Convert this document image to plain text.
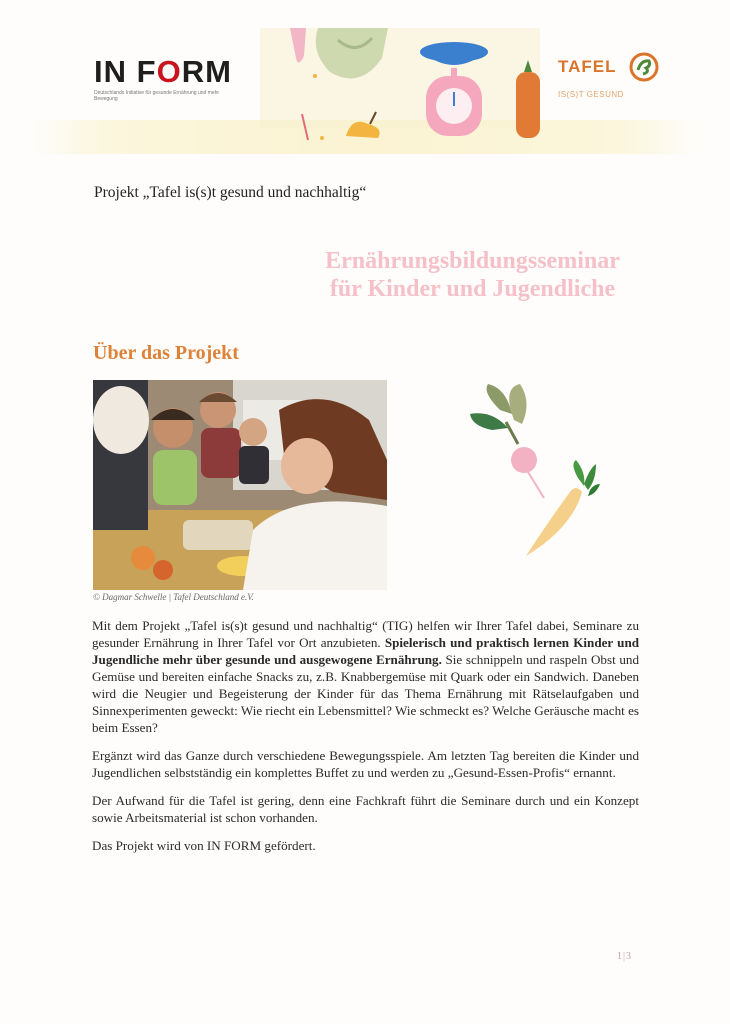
IN FORM
Deutschlands Initiative für gesunde Ernährung und mehr Bewegung
TAFEL
IS(S)T GESUND
Projekt „Tafel is(s)t gesund und nachhaltig“
Ernährungsbildungsseminar
für Kinder und Jugendliche
Über das Projekt
© Dagmar Schwelle | Tafel Deutschland e.V.

Mit dem Projekt „Tafel is(s)t gesund und nachhaltig“ (TIG) helfen wir Ihrer Tafel dabei, Seminare zu gesunder Ernährung in Ihrer Tafel vor Ort anzubieten. Spielerisch und praktisch lernen Kinder und Jugendliche mehr über gesunde und ausgewogene Ernährung. Sie schnippeln und raspeln Obst und Gemüse und bereiten einfache Snacks zu, z.B. Knabbergemüse mit Quark oder ein Sandwich. Daneben wird die Neugier und Begeisterung der Kinder für das Thema Ernährung mit Rätselaufgaben und Sinnexperimenten geweckt: Wie riecht ein Lebensmittel? Wie schmeckt es? Welche Geräusche macht es beim Essen?

Ergänzt wird das Ganze durch verschiedene Bewegungsspiele. Am letzten Tag bereiten die Kinder und Jugendlichen selbstständig ein komplettes Buffet zu und werden zu „Gesund-Essen-Profis“ ernannt.

Der Aufwand für die Tafel ist gering, denn eine Fachkraft führt die Seminare durch und ein Konzept sowie Arbeitsmaterial ist schon vorhanden.

Das Projekt wird von IN FORM gefördert.

1|3
